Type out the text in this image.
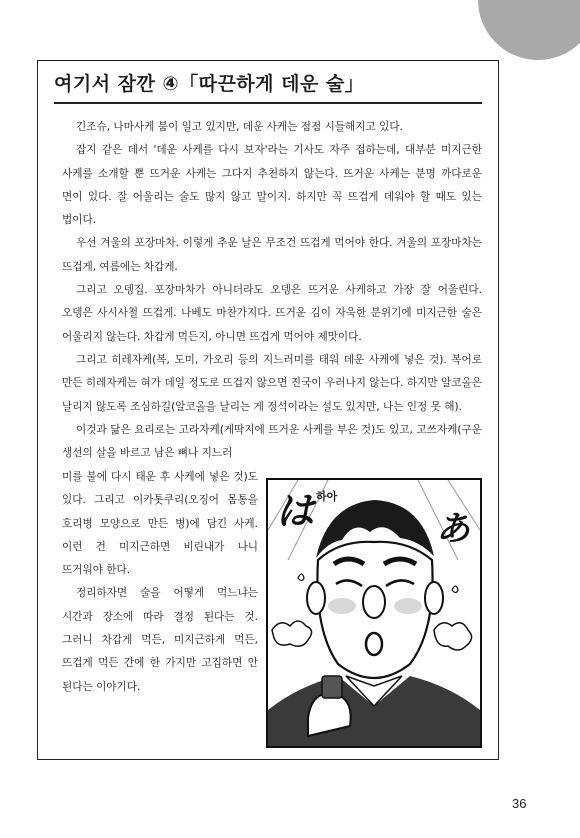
여기서 잠깐 ④「따끈하게 데운 술」

긴조슈, 나마사케 붐이 일고 있지만, 데운 사케는 점점 시들해지고 있다.

잡지 같은 데서 '데운 사케를 다시 보자'라는 기사도 자주 접하는데, 대부분 미지근한 사케를 소개할 뿐 뜨거운 사케는 그다지 추천하지 않는다. 뜨거운 사케는 분명 까다로운 면이 있다. 잘 어울리는 술도 많지 않고 말이지. 하지만 꼭 뜨겁게 데워야 할 때도 있는 법이다.

우선 겨울의 포장마차. 이렇게 추운 날은 무조건 뜨겁게 먹어야 한다. 겨울의 포장마차는 뜨겁게, 여름에는 차갑게.

그리고 오뎅집. 포장마차가 아니더라도 오뎅은 뜨거운 사케하고 가장 잘 어울린다. 오뎅은 사시사철 뜨겁게. 나베도 마찬가지다. 뜨거운 김이 자욱한 분위기에 미지근한 술은 어울리지 않는다. 차갑게 먹든지, 아니면 뜨겁게 먹어야 제맛이다.

그리고 히레자케(복, 도미, 가오리 등의 지느러미를 태워 데운 사케에 넣은 것). 복어로 만든 히레자케는 혀가 데일 정도로 뜨겁지 않으면 진국이 우러나지 않는다. 하지만 알코올은 날리지 않도록 조심하길(알코올을 날리는 게 정석이라는 설도 있지만, 나는 인정 못 해).

이것과 닮은 요리로는 고라자케(게딱지에 뜨거운 사케를 부은 것)도 있고, 고쓰자케(구운 생선의 살을 바르고 남은 뼈나 지느러

미를 불에 다시 태운 후 사케에 넣은 것)도 있다. 그리고 이카톳쿠리(오징어 몸통을 호리병 모양으로 만든 병)에 담긴 사케. 이런 건 미지근하면 비린내가 나니 뜨거워야 한다.

정리하자면 술을 어떻게 먹느냐는 시간과 장소에 따라 결정 된다는 것. 그러니 차갑게 먹든, 미지근하게 먹든, 뜨겁게 먹든 간에 한 가지만 고집하면 안 된다는 이야기다.

は 하아
あ
36
